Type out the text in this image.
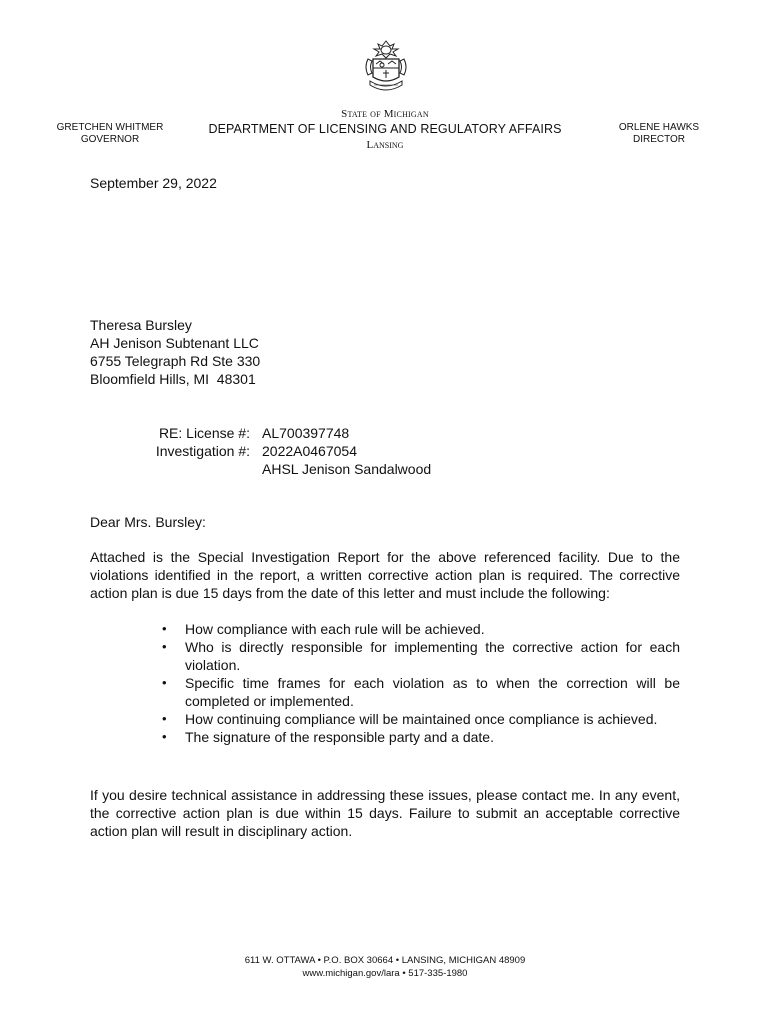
State of Michigan
DEPARTMENT OF LICENSING AND REGULATORY AFFAIRS
Lansing
GRETCHEN WHITMER
GOVERNOR
ORLENE HAWKS
DIRECTOR
September 29, 2022
Theresa Bursley
AH Jenison Subtenant LLC
6755 Telegraph Rd Ste 330
Bloomfield Hills, MI  48301
RE: License #: AL700397748
Investigation #: 2022A0467054
AHSL Jenison Sandalwood
Dear Mrs. Bursley:
Attached is the Special Investigation Report for the above referenced facility. Due to the violations identified in the report, a written corrective action plan is required. The corrective action plan is due 15 days from the date of this letter and must include the following:
• How compliance with each rule will be achieved.
• Who is directly responsible for implementing the corrective action for each violation.
• Specific time frames for each violation as to when the correction will be completed or implemented.
• How continuing compliance will be maintained once compliance is achieved.
• The signature of the responsible party and a date.
If you desire technical assistance in addressing these issues, please contact me. In any event, the corrective action plan is due within 15 days. Failure to submit an acceptable corrective action plan will result in disciplinary action.
611 W. OTTAWA • P.O. BOX 30664 • LANSING, MICHIGAN 48909
www.michigan.gov/lara • 517-335-1980
